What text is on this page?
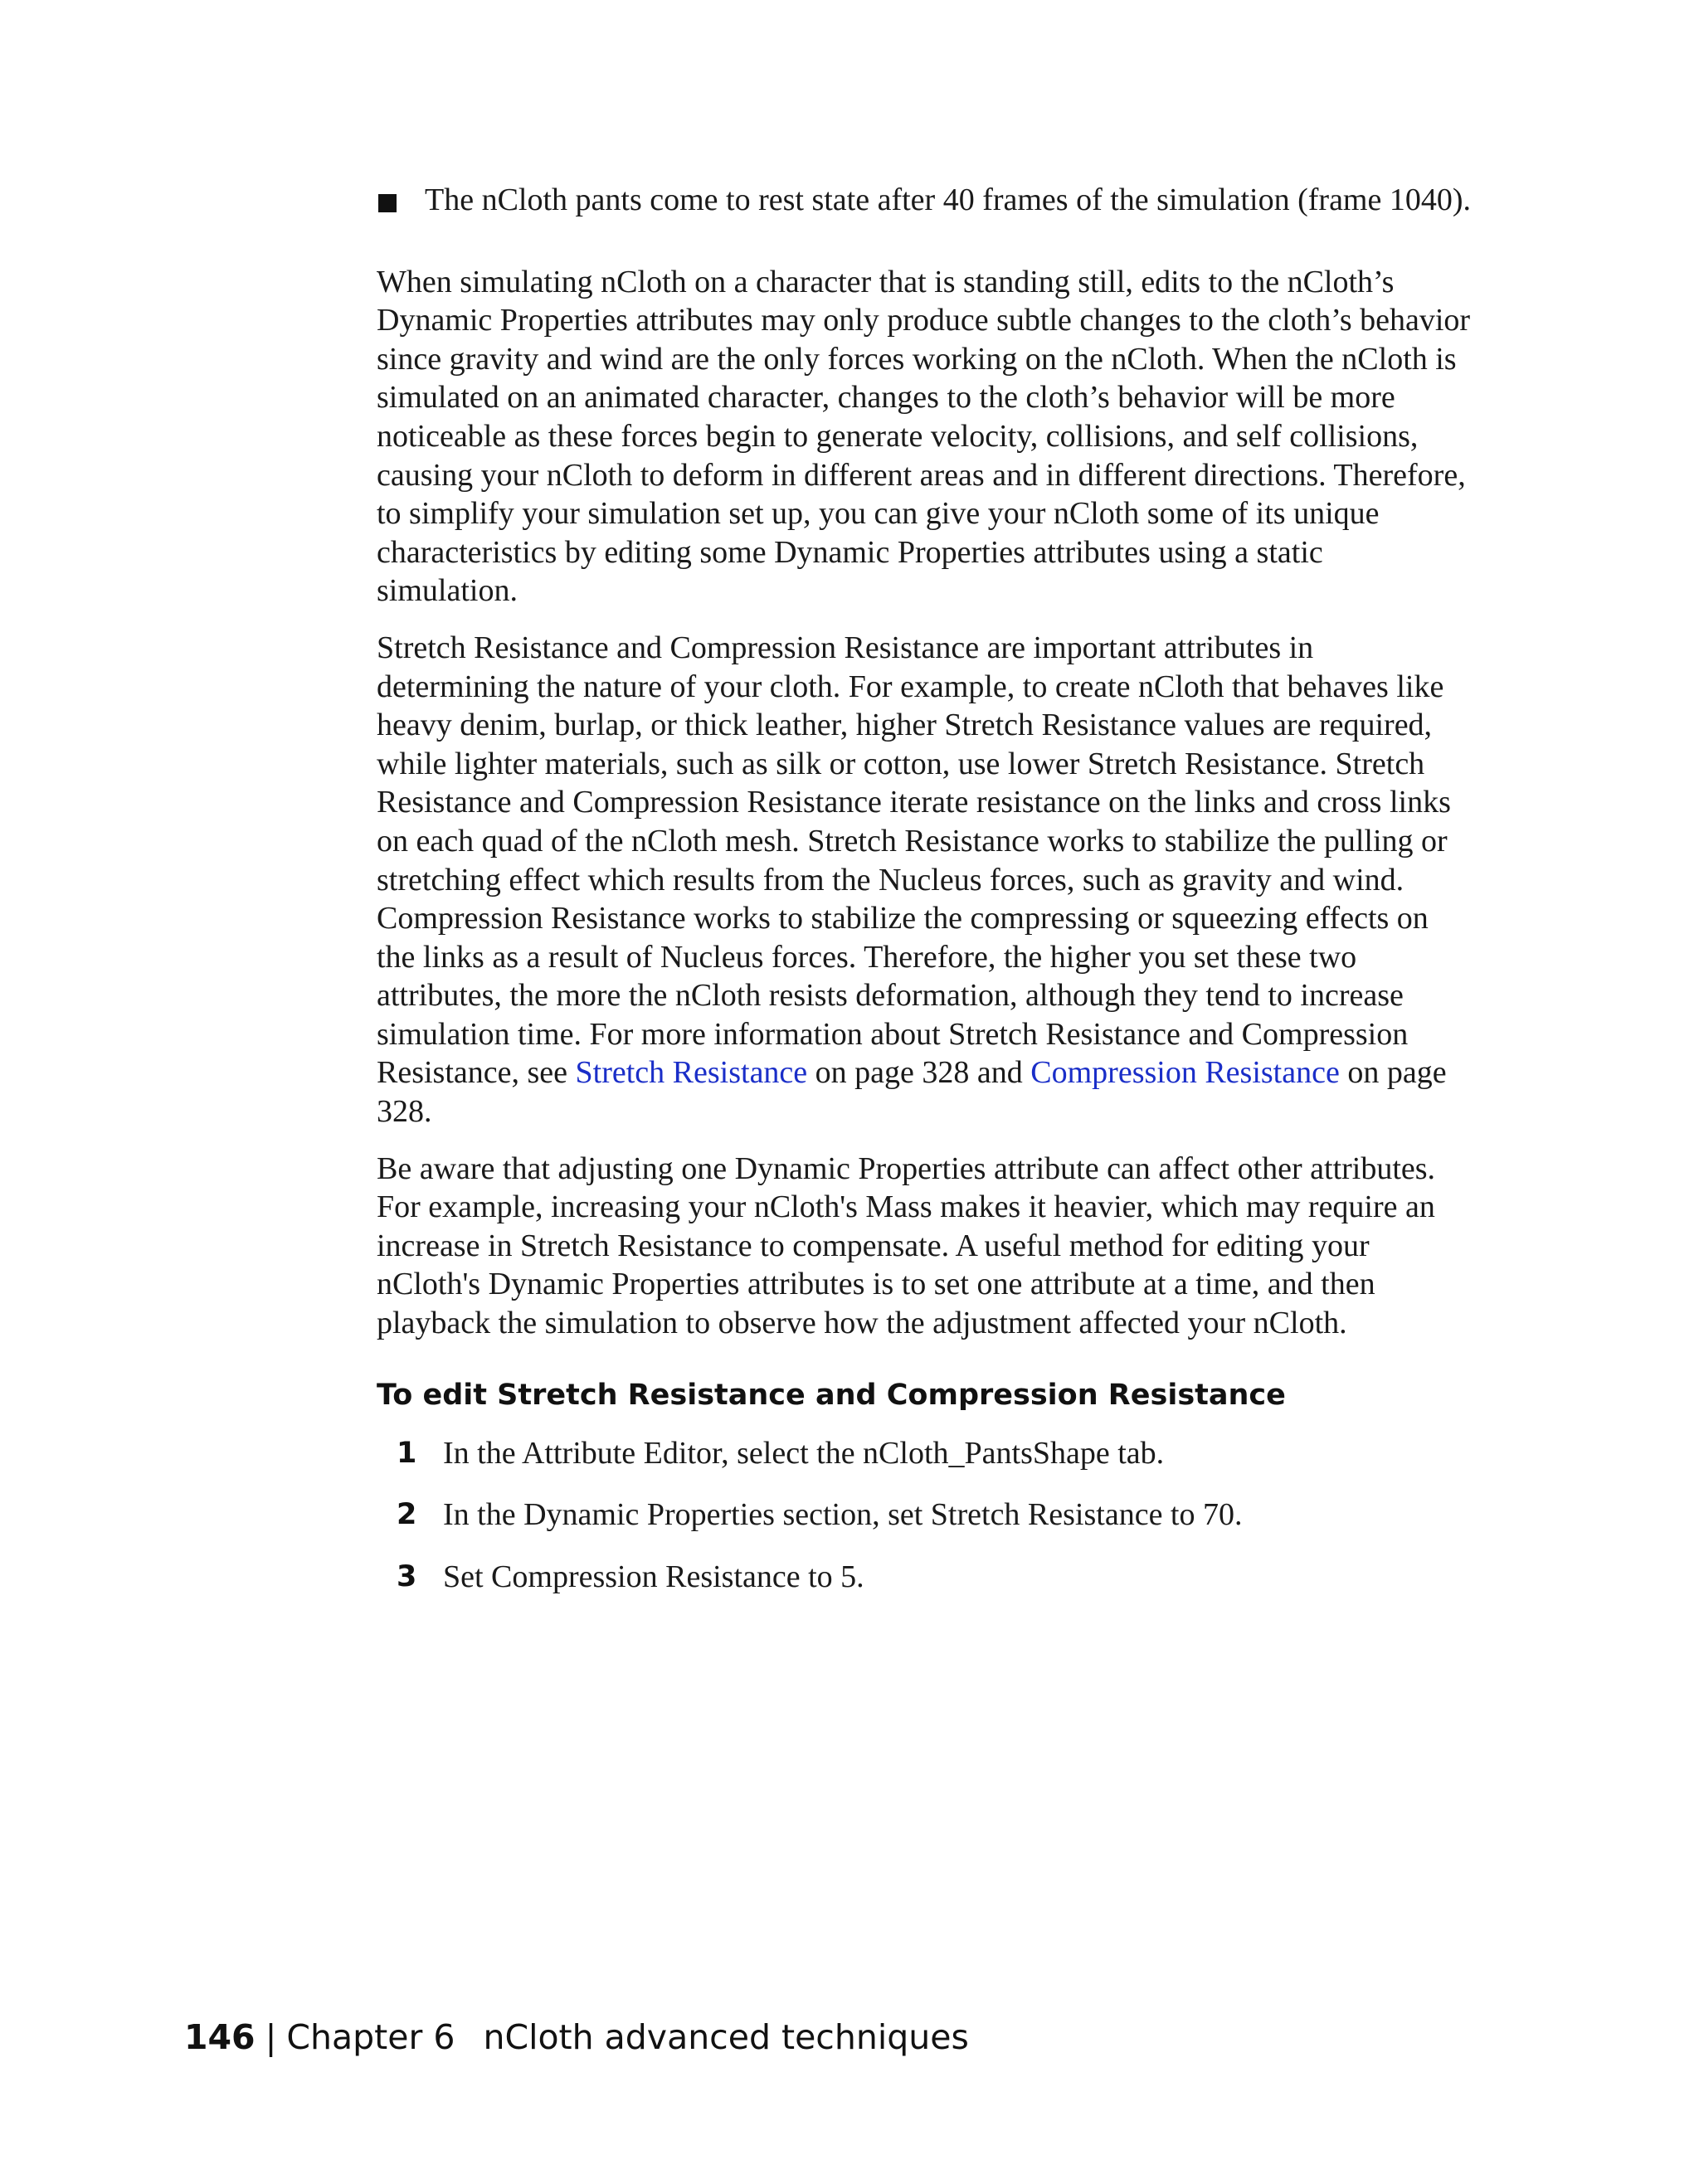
The nCloth pants come to rest state after 40 frames of the simulation (frame 1040).

When simulating nCloth on a character that is standing still, edits to the nCloth’s Dynamic Properties attributes may only produce subtle changes to the cloth’s behavior since gravity and wind are the only forces working on the nCloth. When the nCloth is simulated on an animated character, changes to the cloth’s behavior will be more noticeable as these forces begin to generate velocity, collisions, and self collisions, causing your nCloth to deform in different areas and in different directions. Therefore, to simplify your simulation set up, you can give your nCloth some of its unique characteristics by editing some Dynamic Properties attributes using a static simulation.

Stretch Resistance and Compression Resistance are important attributes in determining the nature of your cloth. For example, to create nCloth that behaves like heavy denim, burlap, or thick leather, higher Stretch Resistance values are required, while lighter materials, such as silk or cotton, use lower Stretch Resistance. Stretch Resistance and Compression Resistance iterate resistance on the links and cross links on each quad of the nCloth mesh. Stretch Resistance works to stabilize the pulling or stretching effect which results from the Nucleus forces, such as gravity and wind. Compression Resistance works to stabilize the compressing or squeezing effects on the links as a result of Nucleus forces. Therefore, the higher you set these two attributes, the more the nCloth resists deformation, although they tend to increase simulation time. For more information about Stretch Resistance and Compression Resistance, see Stretch Resistance on page 328 and Compression Resistance on page 328.

Be aware that adjusting one Dynamic Properties attribute can affect other attributes. For example, increasing your nCloth's Mass makes it heavier, which may require an increase in Stretch Resistance to compensate. A useful method for editing your nCloth's Dynamic Properties attributes is to set one attribute at a time, and then playback the simulation to observe how the adjustment affected your nCloth.

To edit Stretch Resistance and Compression Resistance
1 In the Attribute Editor, select the nCloth_PantsShape tab.
2 In the Dynamic Properties section, set Stretch Resistance to 70.
3 Set Compression Resistance to 5.
146 | Chapter 6 nCloth advanced techniques
